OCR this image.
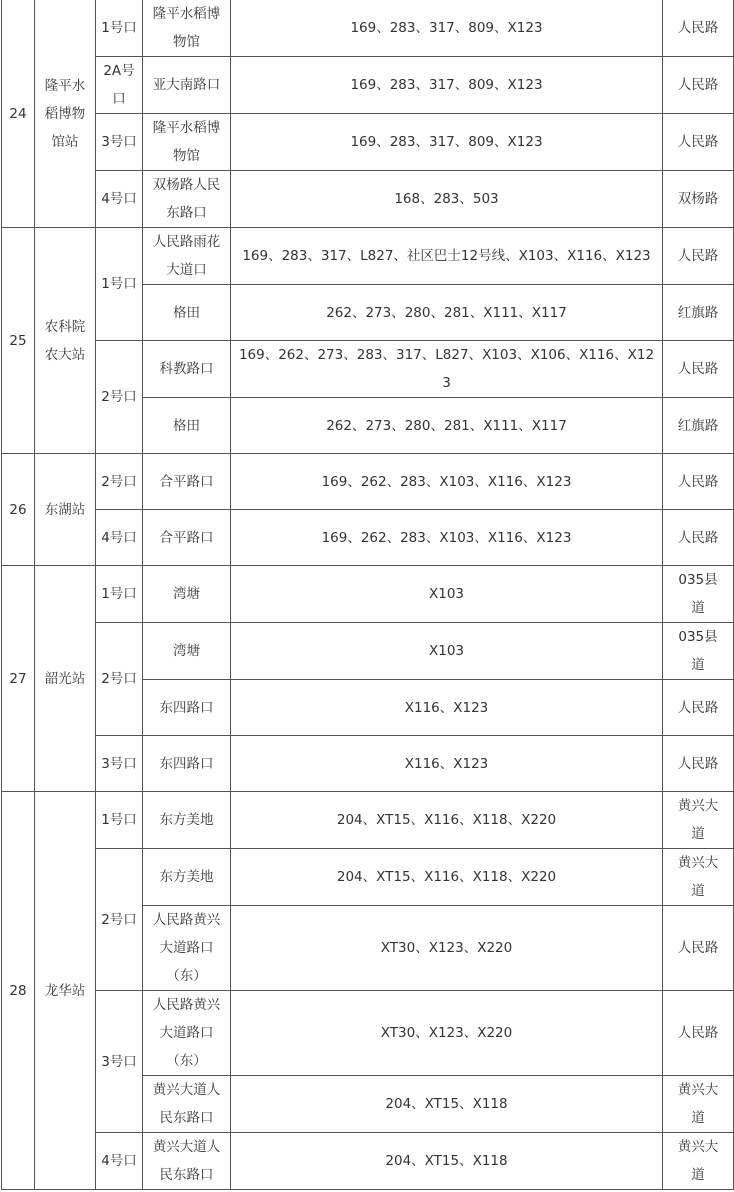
24	隆平水稻博物馆站	1号口	隆平水稻博物馆	169、283、317、809、X123	人民路
		2A号口	亚大南路口	169、283、317、809、X123	人民路
		3号口	隆平水稻博物馆	169、283、317、809、X123	人民路
		4号口	双杨路人民东路口	168、283、503	双杨路
25	农科院农大站	1号口	人民路雨花大道口	169、283、317、L827、社区巴士12号线、X103、X116、X123	人民路
			格田	262、273、280、281、X111、X117	红旗路
		2号口	科教路口	169、262、273、283、317、L827、X103、X106、X116、X123	人民路
			格田	262、273、280、281、X111、X117	红旗路
26	东湖站	2号口	合平路口	169、262、283、X103、X116、X123	人民路
		4号口	合平路口	169、262、283、X103、X116、X123	人民路
27	韶光站	1号口	湾塘	X103	035县道
		2号口	湾塘	X103	035县道
			东四路口	X116、X123	人民路
		3号口	东四路口	X116、X123	人民路
28	龙华站	1号口	东方美地	204、XT15、X116、X118、X220	黄兴大道
		2号口	东方美地	204、XT15、X116、X118、X220	黄兴大道
			人民路黄兴大道路口（东）	XT30、X123、X220	人民路
		3号口	人民路黄兴大道路口（东）	XT30、X123、X220	人民路
			黄兴大道人民东路口	204、XT15、X118	黄兴大道
		4号口	黄兴大道人民东路口	204、XT15、X118	黄兴大道
